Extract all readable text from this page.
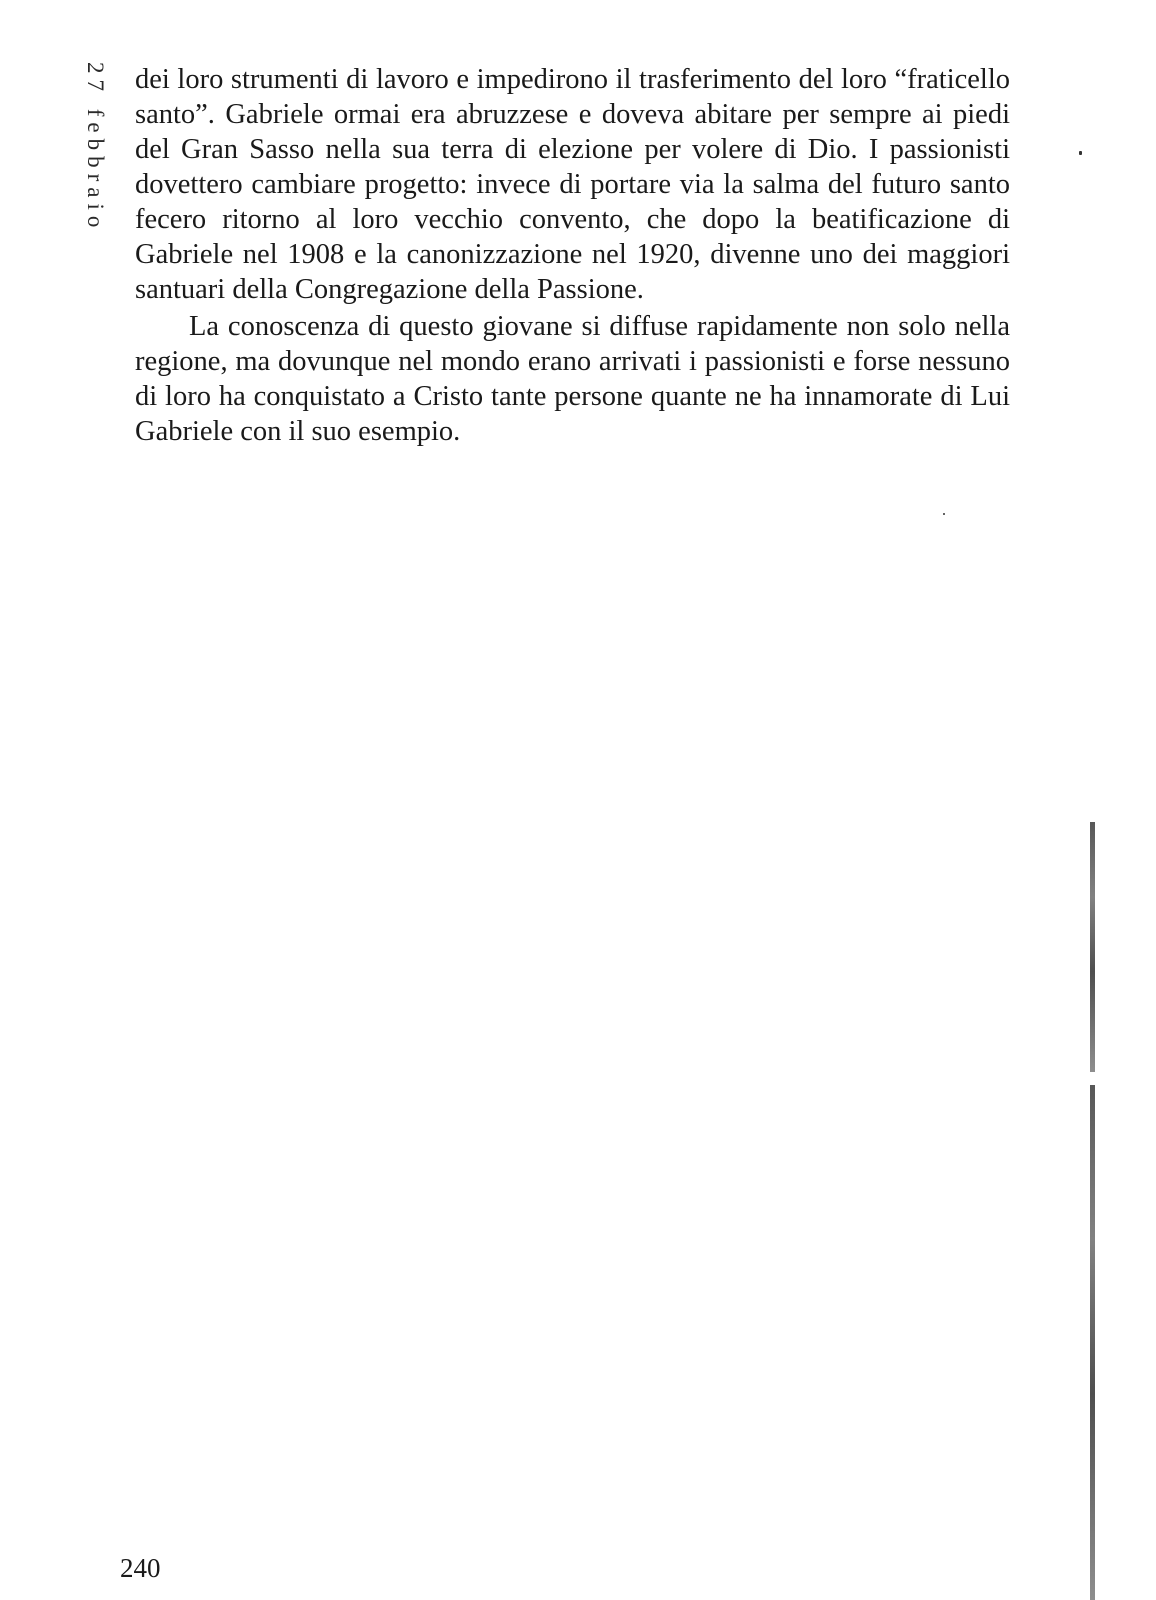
27 febbraio dei loro strumenti di lavoro e impedirono il trasferimento del loro “fraticello santo”. Gabriele ormai era abruzzese e doveva abitare per sempre ai piedi del Gran Sasso nella sua terra di elezione per volere di Dio. I passionisti dovettero cambiare progetto: invece di portare via la salma del futuro santo fecero ritorno al loro vecchio convento, che dopo la beatificazione di Gabriele nel 1908 e la canonizzazione nel 1920, divenne uno dei maggiori santuari della Congregazione della Passione.

La conoscenza di questo giovane si diffuse rapidamente non solo nella regione, ma dovunque nel mondo erano arrivati i passionisti e forse nessuno di loro ha conquistato a Cristo tante persone quante ne ha innamorate di Lui Gabriele con il suo esempio.

240
